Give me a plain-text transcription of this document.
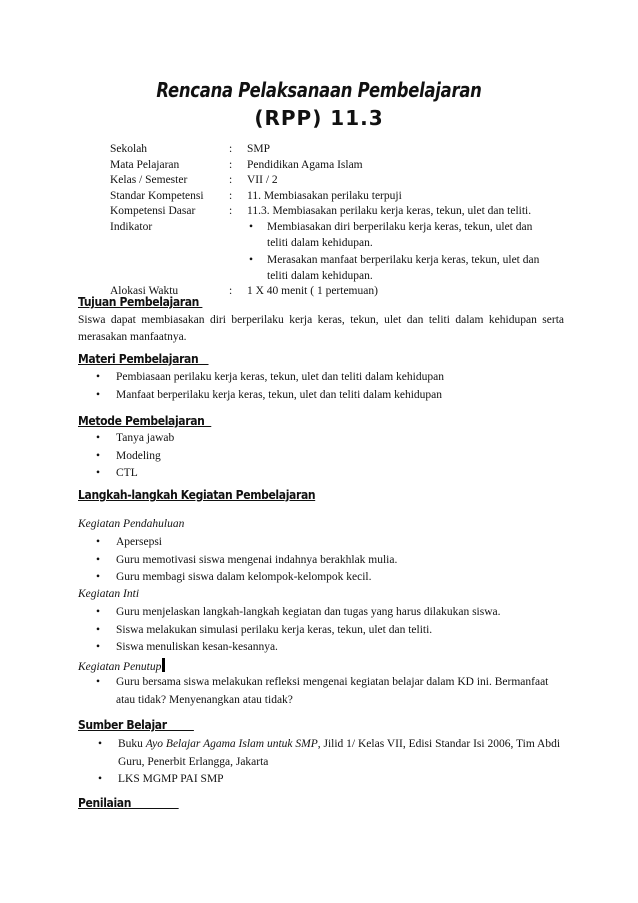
Rencana Pelaksanaan Pembelajaran
(RPP) 11.3
Sekolah	: SMP
Mata Pelajaran	: Pendidikan Agama Islam
Kelas / Semester	: VII / 2
Standar Kompetensi : 11. Membiasakan perilaku terpuji
Kompetensi Dasar	: 11.3. Membiasakan perilaku kerja keras, tekun, ulet dan teliti.
Indikator	• Membiasakan diri berperilaku kerja keras, tekun, ulet dan teliti dalam kehidupan.
• Merasakan manfaat berperilaku kerja keras, tekun, ulet dan teliti dalam kehidupan.
Alokasi Waktu	: 1 X 40 menit ( 1 pertemuan)
Tujuan Pembelajaran
Siswa dapat membiasakan diri berperilaku kerja keras, tekun, ulet dan teliti dalam kehidupan serta merasakan manfaatnya.
Materi Pembelajaran
• Pembiasaan perilaku kerja keras, tekun, ulet dan teliti dalam kehidupan
• Manfaat berperilaku kerja keras, tekun, ulet dan teliti dalam kehidupan
Metode Pembelajaran
• Tanya jawab
• Modeling
• CTL
Langkah-langkah Kegiatan Pembelajaran
Kegiatan Pendahuluan
• Apersepsi
• Guru memotivasi siswa mengenai indahnya berakhlak mulia.
• Guru membagi siswa dalam kelompok-kelompok kecil.
Kegiatan Inti
• Guru menjelaskan langkah-langkah kegiatan dan tugas yang harus dilakukan siswa.
• Siswa melakukan simulasi perilaku kerja keras, tekun, ulet dan teliti.
• Siswa menuliskan kesan-kesannya.
Kegiatan Penutup
• Guru bersama siswa melakukan refleksi mengenai kegiatan belajar dalam KD ini. Bermanfaat atau tidak? Menyenangkan atau tidak?
Sumber Belajar
• Buku Ayo Belajar Agama Islam untuk SMP, Jilid 1/ Kelas VII, Edisi Standar Isi 2006, Tim Abdi Guru, Penerbit Erlangga, Jakarta
• LKS MGMP PAI SMP
Penilaian
